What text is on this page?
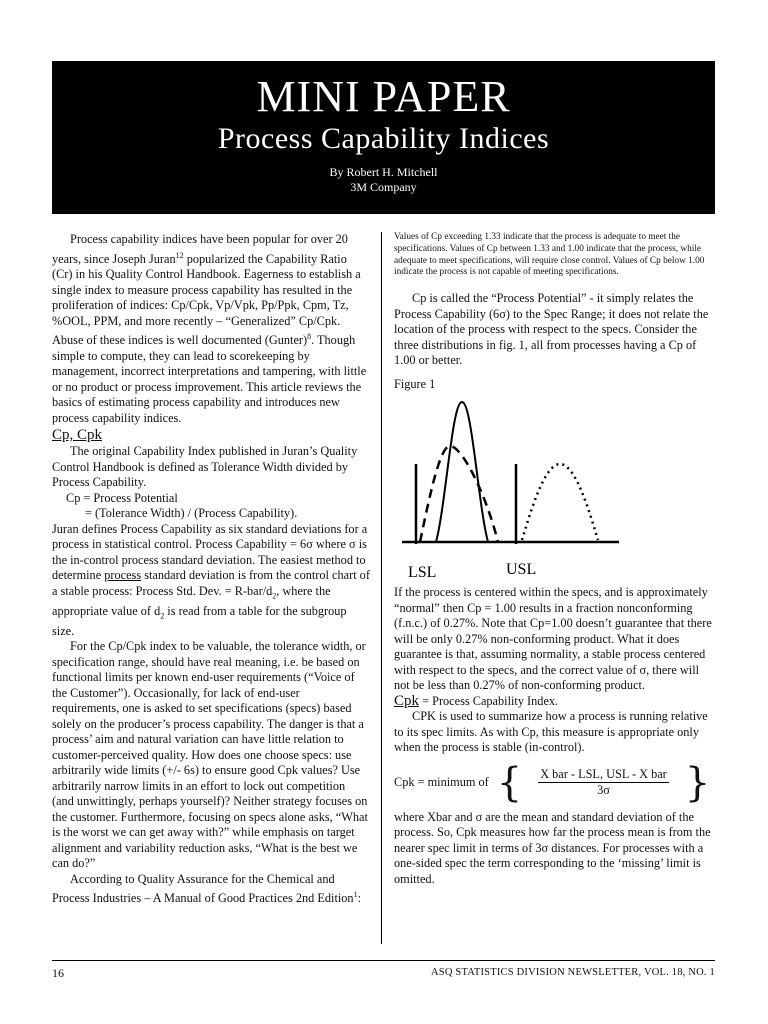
MINI PAPER
Process Capability Indices
By Robert H. Mitchell
3M Company

Process capability indices have been popular for over 20 years, since Joseph Juran$^{12}$ popularized the Capability Ratio (Cr) in his Quality Control Handbook. Eagerness to establish a single index to measure process capability has resulted in the proliferation of indices: Cp/Cpk, Vp/Vpk, Pp/Ppk, Cpm, Tz, %OOL, PPM, and more recently – “Generalized” Cp/Cpk. Abuse of these indices is well documented (Gunter)$^8$. Though simple to compute, they can lead to scorekeeping by management, incorrect interpretations and tampering, with little or no product or process improvement. This article reviews the basics of estimating process capability and introduces new process capability indices.

Cp, Cpk

The original Capability Index published in Juran’s Quality Control Handbook is defined as Tolerance Width divided by Process Capability.

Cp = Process Potential

= (Tolerance Width) / (Process Capability).

Juran defines Process Capability as six standard deviations for a process in statistical control. Process Capability = 6σ where σ is the in-control process standard deviation. The easiest method to determine process standard deviation is from the control chart of a stable process: Process Std. Dev. = $R-bar/d_2$, where the appropriate value of $d_2$ is read from a table for the subgroup size.

For the Cp/Cpk index to be valuable, the tolerance width, or specification range, should have real meaning, i.e. be based on functional limits per known end-user requirements (“Voice of the Customer”). Occasionally, for lack of end-user requirements, one is asked to set specifications (specs) based solely on the producer’s process capability. The danger is that a process’ aim and natural variation can have little relation to customer-perceived quality. How does one choose specs: use arbitrarily wide limits (+/- 6s) to ensure good Cpk values? Use arbitrarily narrow limits in an effort to lock out competition (and unwittingly, perhaps yourself)? Neither strategy focuses on the customer. Furthermore, focusing on specs alone asks, “What is the worst we can get away with?” while emphasis on target alignment and variability reduction asks, “What is the best we can do?”

According to Quality Assurance for the Chemical and Process Industries – A Manual of Good Practices 2nd Edition$^1$:

Values of Cp exceeding 1.33 indicate that the process is adequate to meet the specifications. Values of Cp between 1.33 and 1.00 indicate that the process, while adequate to meet specifications, will require close control. Values of Cp below 1.00 indicate the process is not capable of meeting specifications.

Cp is called the “Process Potential” - it simply relates the Process Capability (6σ) to the Spec Range; it does not relate the location of the process with respect to the specs. Consider the three distributions in fig. 1, all from processes having a Cp of 1.00 or better.

Figure 1

LSL	USL

If the process is centered within the specs, and is approximately “normal” then Cp = 1.00 results in a fraction nonconforming (f.n.c.) of 0.27%. Note that Cp=1.00 doesn’t guarantee that there will be only 0.27% non-conforming product. What it does guarantee is that, assuming normality, a stable process centered with respect to the specs, and the correct value of σ, there will not be less than 0.27% of non-conforming product.

Cpk = Process Capability Index.

CPK is used to summarize how a process is running relative to its spec limits. As with Cp, this measure is appropriate only when the process is stable (in-control).

Cpk = minimum of { $\frac{\text{X bar - LSL, USL - X bar}}{3\sigma}$ }

where Xbar and σ are the mean and standard deviation of the process. So, Cpk measures how far the process mean is from the nearer spec limit in terms of 3σ distances. For processes with a one-sided spec the term corresponding to the ‘missing’ limit is omitted.

16	ASQ STATISTICS DIVISION NEWSLETTER, VOL. 18, NO. 1
